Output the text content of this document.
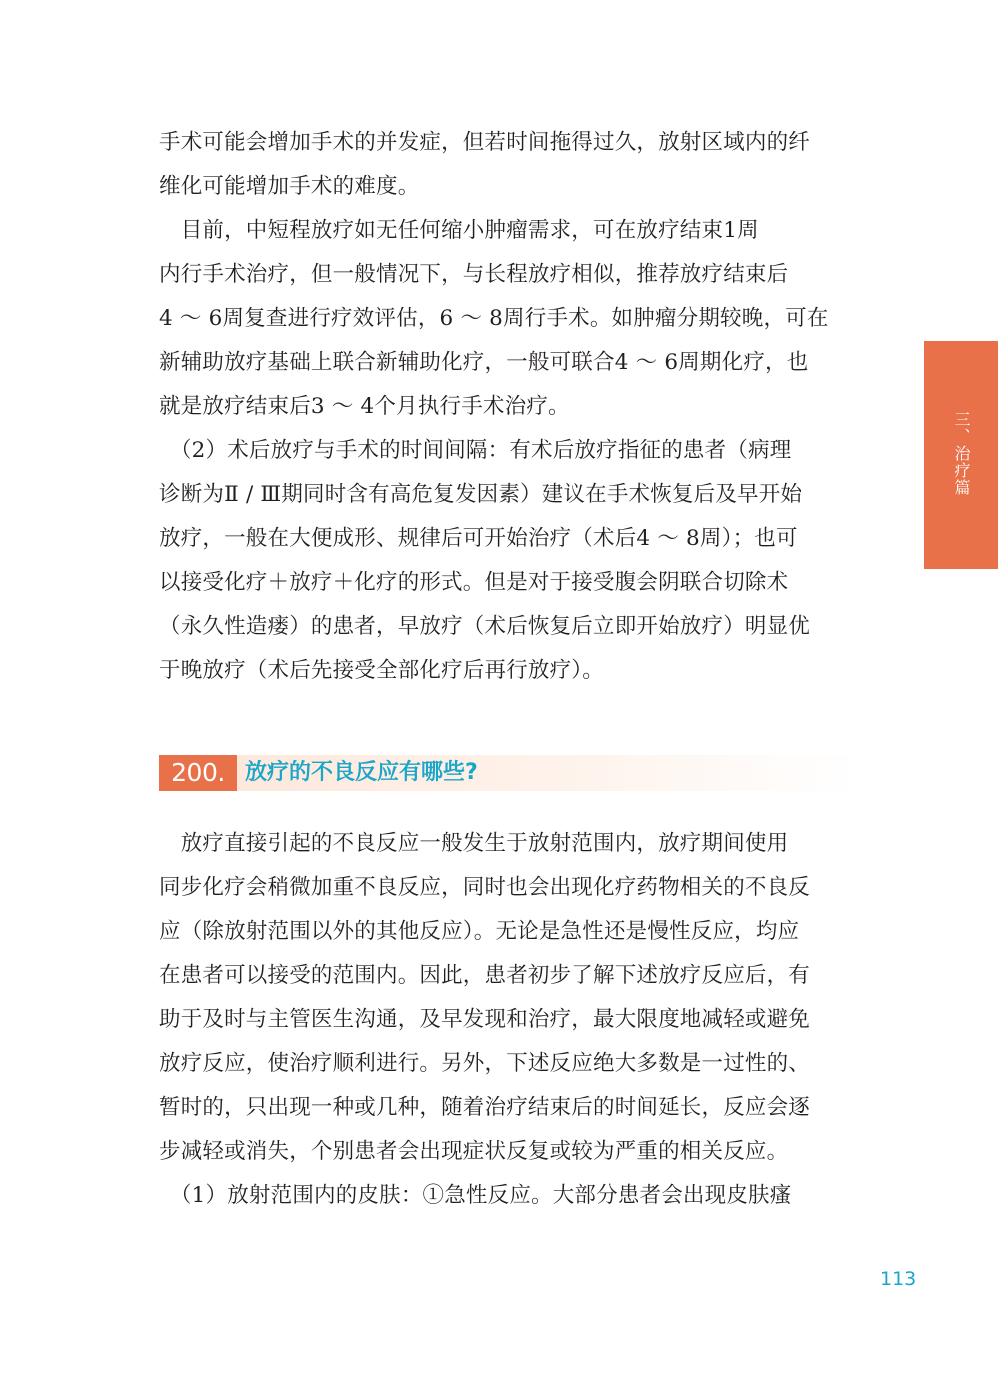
三、治疗篇

手术可能会增加手术的并发症，但若时间拖得过久，放射区域内的纤
维化可能增加手术的难度。

　目前，中短程放疗如无任何缩小肿瘤需求，可在放疗结束1周
内行手术治疗，但一般情况下，与长程放疗相似，推荐放疗结束后
4 ～ 6周复查进行疗效评估，6 ～ 8周行手术。如肿瘤分期较晚，可在
新辅助放疗基础上联合新辅助化疗，一般可联合4 ～ 6周期化疗，也
就是放疗结束后3 ～ 4个月执行手术治疗。

　（2）术后放疗与手术的时间间隔：有术后放疗指征的患者（病理
诊断为Ⅱ / Ⅲ期同时含有高危复发因素）建议在手术恢复后及早开始
放疗，一般在大便成形、规律后可开始治疗（术后4 ～ 8周）；也可
以接受化疗＋放疗＋化疗的形式。但是对于接受腹会阴联合切除术
（永久性造瘘）的患者，早放疗（术后恢复后立即开始放疗）明显优
于晚放疗（术后先接受全部化疗后再行放疗）。

200. 放疗的不良反应有哪些?

　放疗直接引起的不良反应一般发生于放射范围内，放疗期间使用
同步化疗会稍微加重不良反应，同时也会出现化疗药物相关的不良反
应（除放射范围以外的其他反应）。无论是急性还是慢性反应，均应
在患者可以接受的范围内。因此，患者初步了解下述放疗反应后，有
助于及时与主管医生沟通，及早发现和治疗，最大限度地减轻或避免
放疗反应，使治疗顺利进行。另外，下述反应绝大多数是一过性的、
暂时的，只出现一种或几种，随着治疗结束后的时间延长，反应会逐
步减轻或消失，个别患者会出现症状反复或较为严重的相关反应。

　（1）放射范围内的皮肤：①急性反应。大部分患者会出现皮肤瘙

113
